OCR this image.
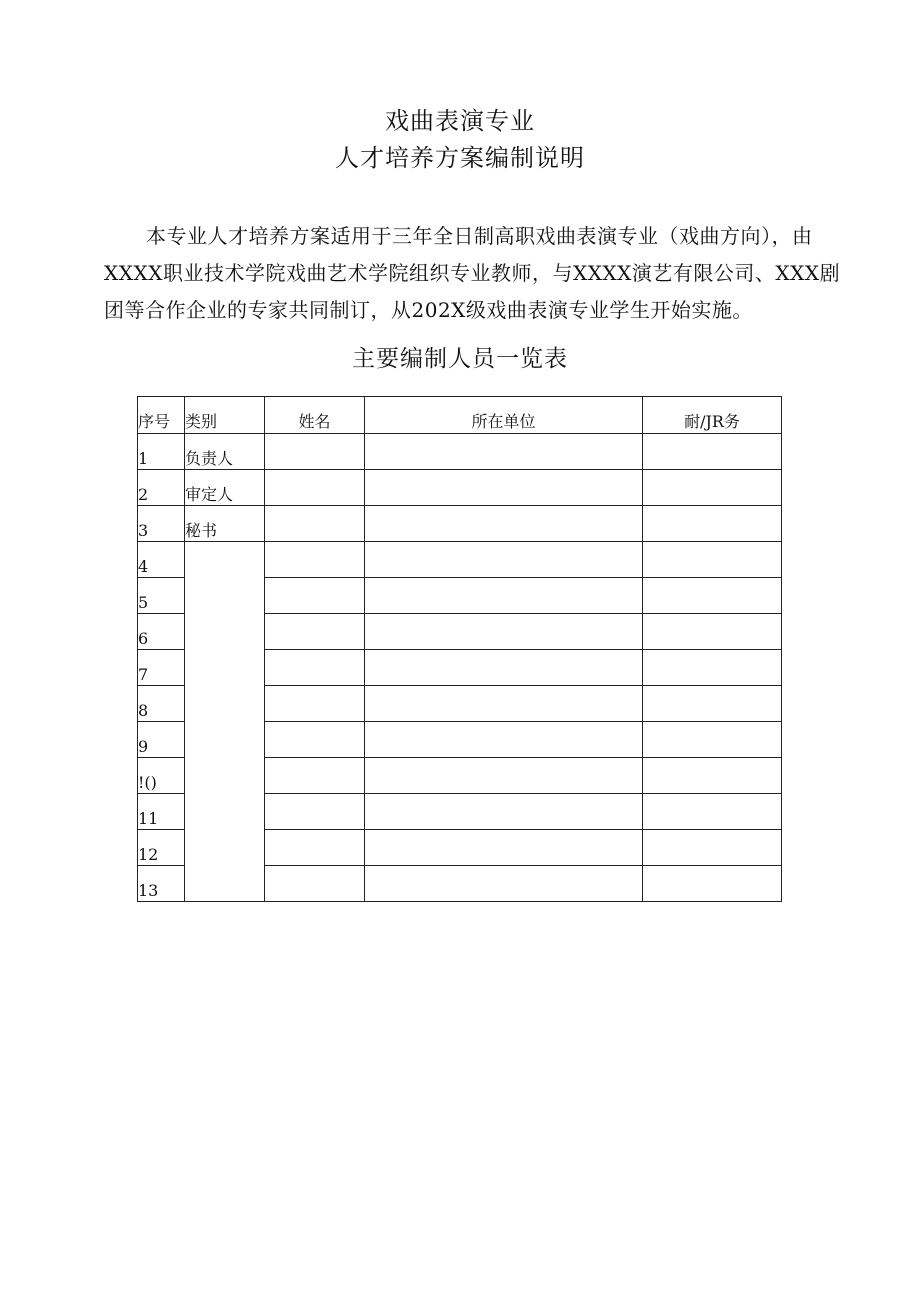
戏曲表演专业
人才培养方案编制说明

本专业人才培养方案适用于三年全日制高职戏曲表演专业（戏曲方向），由XXXX职业技术学院戏曲艺术学院组织专业教师，与XXXX演艺有限公司、XXX剧团等合作企业的专家共同制订，从202X级戏曲表演专业学生开始实施。

主要编制人员一览表
序号	类别	姓名	所在单位	耐/JR务
1	负责人			
2	审定人			
3	秘书			
4				
5				
6				
7				
8				
9				
!()				
11				
12				
13				
